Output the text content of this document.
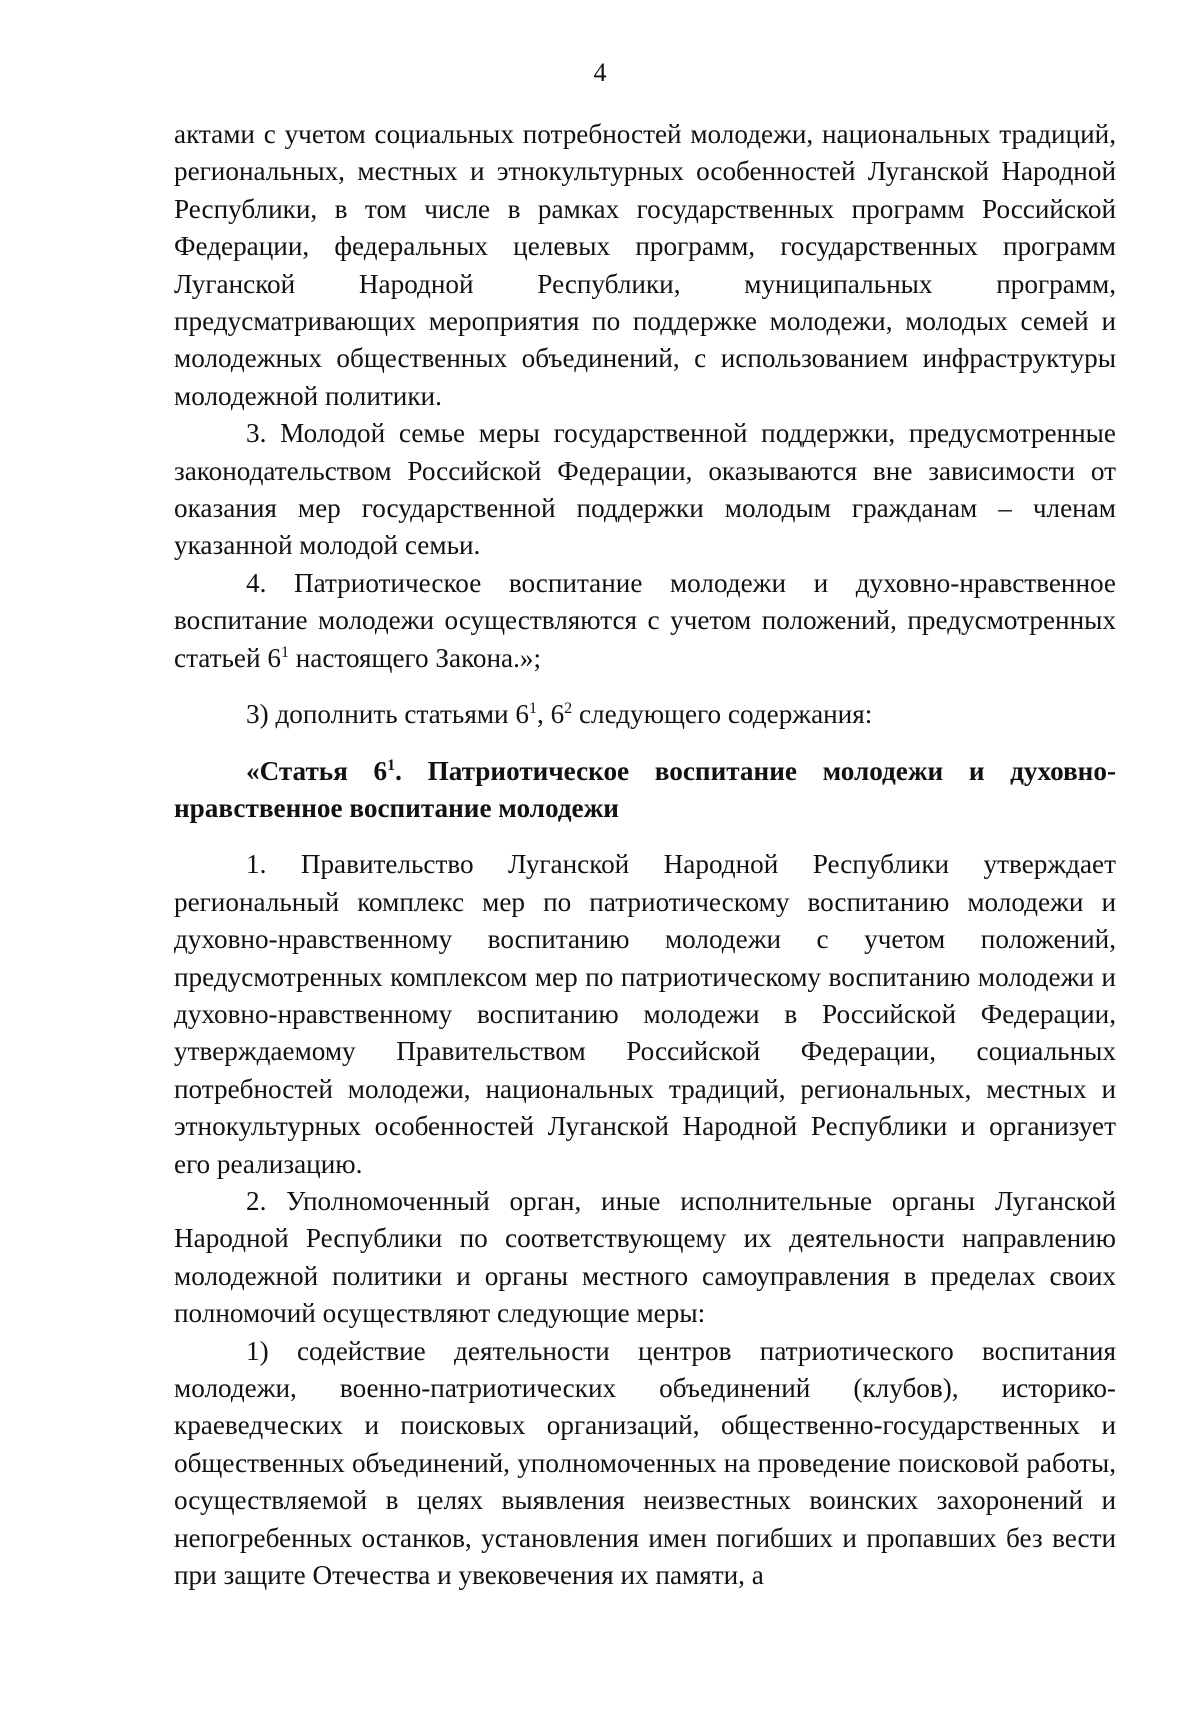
4

актами с учетом социальных потребностей молодежи, национальных традиций, региональных, местных и этнокультурных особенностей Луганской Народной Республики, в том числе в рамках государственных программ Российской Федерации, федеральных целевых программ, государственных программ Луганской Народной Республики, муниципальных программ, предусматривающих мероприятия по поддержке молодежи, молодых семей и молодежных общественных объединений, с использованием инфраструктуры молодежной политики.

3. Молодой семье меры государственной поддержки, предусмотренные законодательством Российской Федерации, оказываются вне зависимости от оказания мер государственной поддержки молодым гражданам – членам указанной молодой семьи.

4. Патриотическое воспитание молодежи и духовно-нравственное воспитание молодежи осуществляются с учетом положений, предусмотренных статьей $6^1$ настоящего Закона.»;

3) дополнить статьями $6^1$, $6^2$ следующего содержания:

«Статья $6^1$. Патриотическое воспитание молодежи и духовно-нравственное воспитание молодежи

1. Правительство Луганской Народной Республики утверждает региональный комплекс мер по патриотическому воспитанию молодежи и духовно-нравственному воспитанию молодежи с учетом положений, предусмотренных комплексом мер по патриотическому воспитанию молодежи и духовно-нравственному воспитанию молодежи в Российской Федерации, утверждаемому Правительством Российской Федерации, социальных потребностей молодежи, национальных традиций, региональных, местных и этнокультурных особенностей Луганской Народной Республики и организует его реализацию.

2. Уполномоченный орган, иные исполнительные органы Луганской Народной Республики по соответствующему их деятельности направлению молодежной политики и органы местного самоуправления в пределах своих полномочий осуществляют следующие меры:

1) содействие деятельности центров патриотического воспитания молодежи, военно-патриотических объединений (клубов), историко-краеведческих и поисковых организаций, общественно-государственных и общественных объединений, уполномоченных на проведение поисковой работы, осуществляемой в целях выявления неизвестных воинских захоронений и непогребенных останков, установления имен погибших и пропавших без вести при защите Отечества и увековечения их памяти, а
